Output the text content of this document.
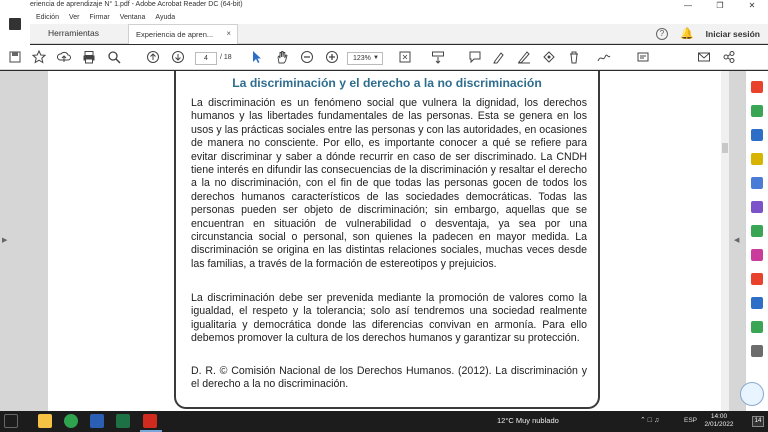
eriencia de aprendizaje N° 1.pdf - Adobe Acrobat Reader DC (64-bit)	—	❐	✕
Edición Ver Firmar Ventana Ayuda
Herramientas	Experiencia de apren... ×	?	🔔 Iniciar sesión
4	/ 18	123% ▼
▶
La discriminación y el derecho a la no discriminación

La discriminación es un fenómeno social que vulnera la dignidad, los derechos humanos y las libertades fundamentales de las personas. Esta se genera en los usos y las prácticas sociales entre las personas y con las autoridades, en ocasiones de manera no consciente. Por ello, es importante conocer a qué se refiere para evitar discriminar y saber a dónde recurrir en caso de ser discriminado. La CNDH tiene interés en difundir las consecuencias de la discriminación y resaltar el derecho a la no discriminación, con el fin de que todas las personas gocen de todos los derechos humanos característicos de las sociedades democráticas. Todas las personas pueden ser objeto de discriminación; sin embargo, aquellas que se encuentran en situación de vulnerabilidad o desventaja, ya sea por una circunstancia social o personal, son quienes la padecen en mayor medida. La discriminación se origina en las distintas relaciones sociales, muchas veces desde las familias, a través de la formación de estereotipos y prejuicios.

La discriminación debe ser prevenida mediante la promoción de valores como la igualdad, el respeto y la tolerancia; solo así tendremos una sociedad realmente igualitaria y democrática donde las diferencias convivan en armonía. Para ello debemos promover la cultura de los derechos humanos y garantizar su protección.

D. R. © Comisión Nacional de los Derechos Humanos. (2012). La discriminación y el derecho a la no discriminación.

◀
12°C Muy nublado	⌃ □ ♫	ESP
14:00
2/01/2022	14
